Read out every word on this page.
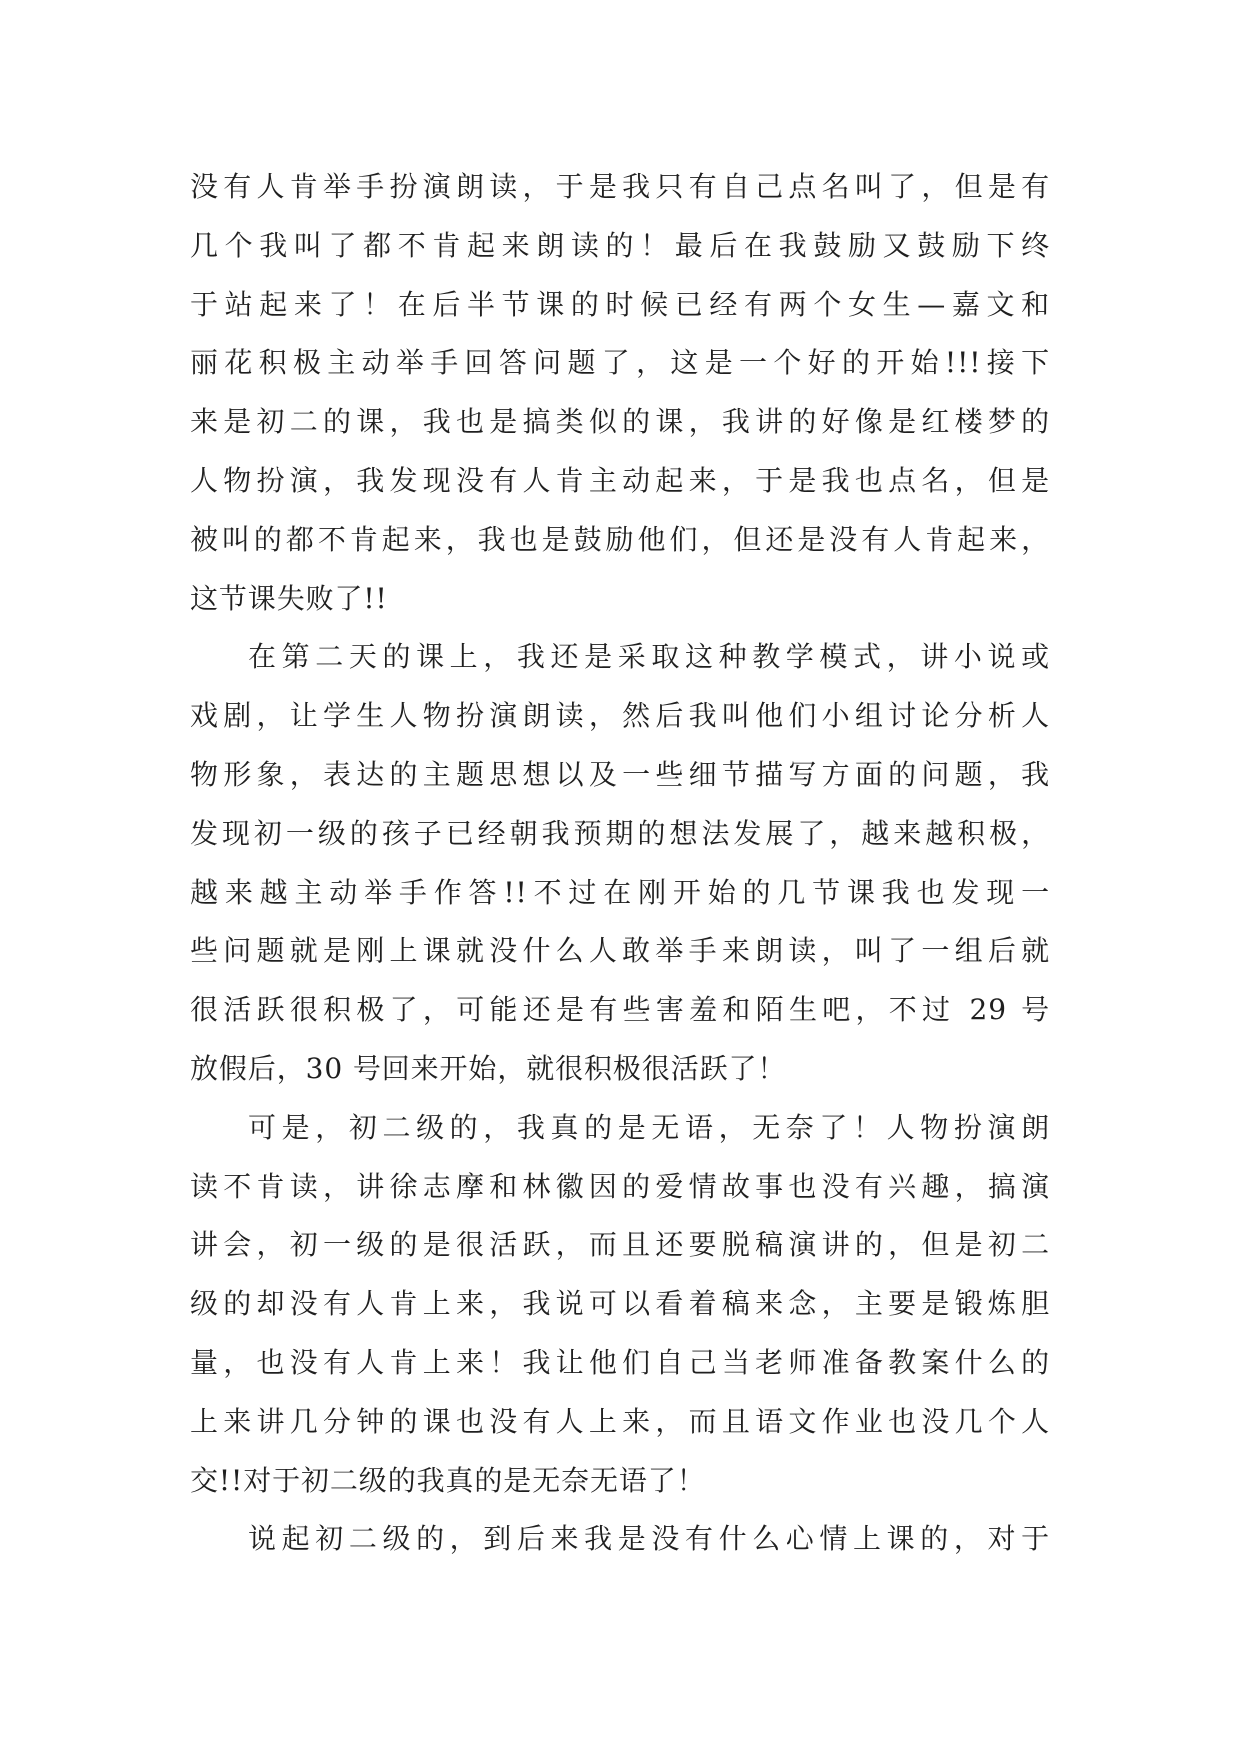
没有人肯举手扮演朗读，于是我只有自己点名叫了，但是有
几个我叫了都不肯起来朗读的！最后在我鼓励又鼓励下终
于站起来了！在后半节课的时候已经有两个女生—嘉文和
丽花积极主动举手回答问题了，这是一个好的开始!!!接下
来是初二的课，我也是搞类似的课，我讲的好像是红楼梦的
人物扮演，我发现没有人肯主动起来，于是我也点名，但是
被叫的都不肯起来，我也是鼓励他们，但还是没有人肯起来，
这节课失败了!!
在第二天的课上，我还是采取这种教学模式，讲小说或
戏剧，让学生人物扮演朗读，然后我叫他们小组讨论分析人
物形象，表达的主题思想以及一些细节描写方面的问题，我
发现初一级的孩子已经朝我预期的想法发展了，越来越积极，
越来越主动举手作答!!不过在刚开始的几节课我也发现一
些问题就是刚上课就没什么人敢举手来朗读，叫了一组后就
很活跃很积极了，可能还是有些害羞和陌生吧，不过 29 号
放假后，30 号回来开始，就很积极很活跃了！
可是，初二级的，我真的是无语，无奈了！人物扮演朗
读不肯读，讲徐志摩和林徽因的爱情故事也没有兴趣，搞演
讲会，初一级的是很活跃，而且还要脱稿演讲的，但是初二
级的却没有人肯上来，我说可以看着稿来念，主要是锻炼胆
量，也没有人肯上来！我让他们自己当老师准备教案什么的
上来讲几分钟的课也没有人上来，而且语文作业也没几个人
交!!对于初二级的我真的是无奈无语了！
说起初二级的，到后来我是没有什么心情上课的，对于
